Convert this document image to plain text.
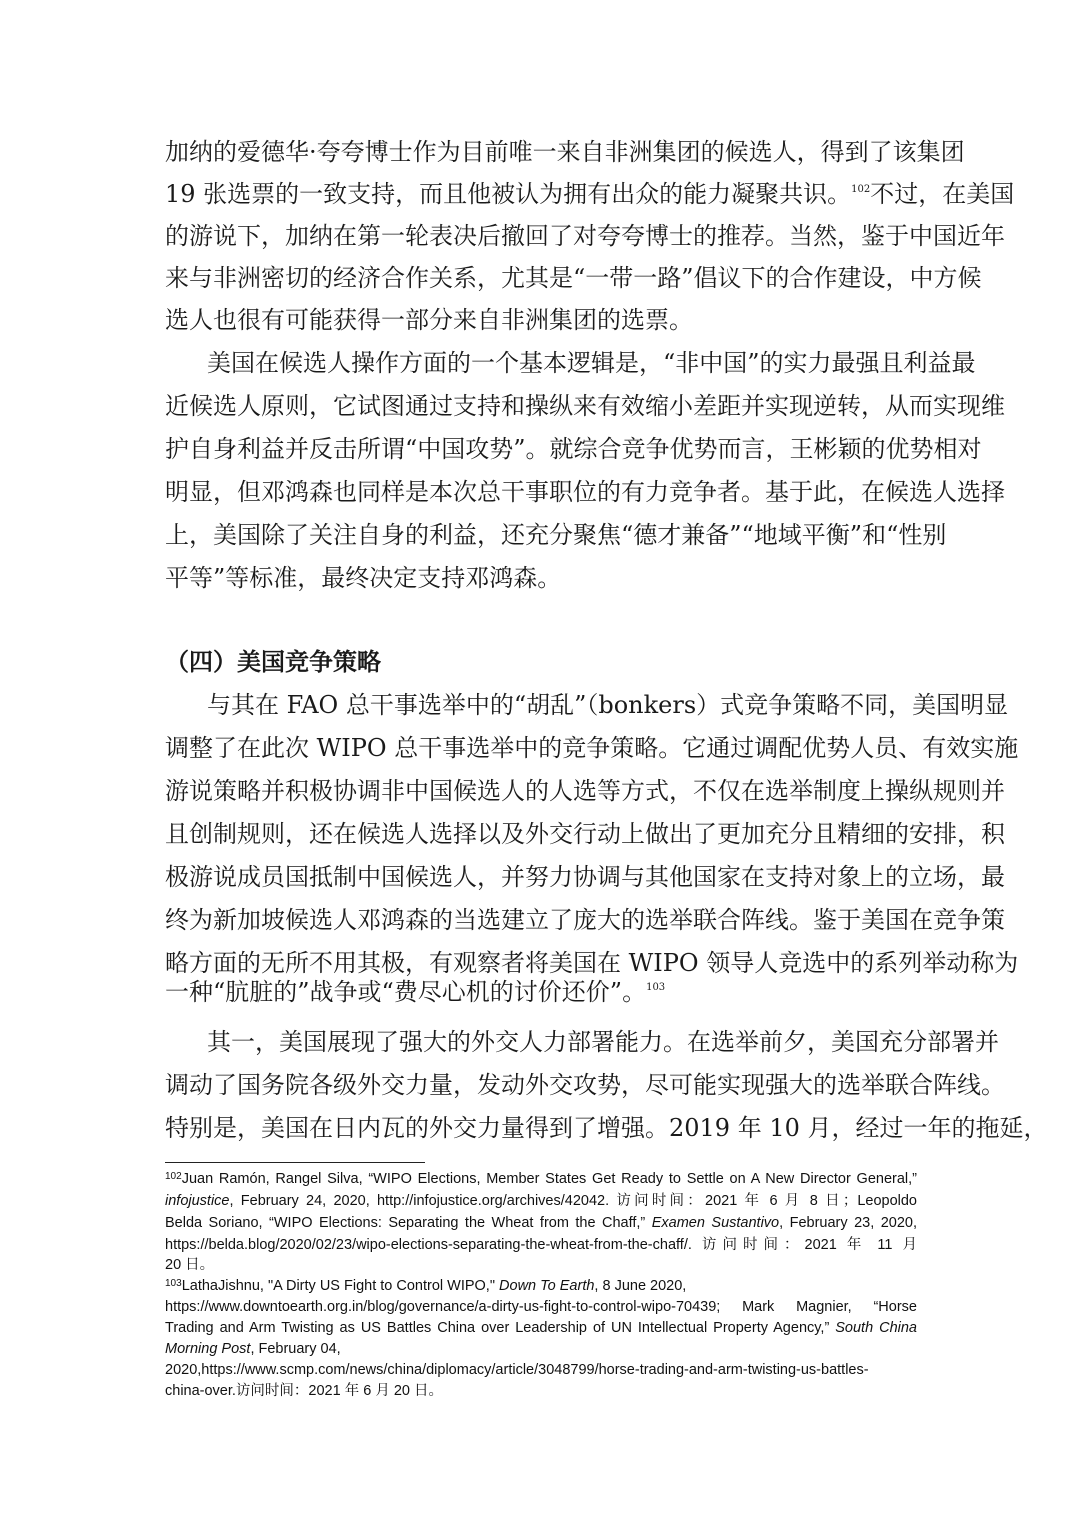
加纳的爱德华·夸夸博士作为目前唯一来自非洲集团的候选人，得到了该集团
19 张选票的一致支持，而且他被认为拥有出众的能力凝聚共识。$^{102}$不过，在美国
的游说下，加纳在第一轮表决后撤回了对夸夸博士的推荐。当然，鉴于中国近年
来与非洲密切的经济合作关系，尤其是“一带一路”倡议下的合作建设，中方候
选人也很有可能获得一部分来自非洲集团的选票。
美国在候选人操作方面的一个基本逻辑是，“非中国”的实力最强且利益最
近候选人原则，它试图通过支持和操纵来有效缩小差距并实现逆转，从而实现维
护自身利益并反击所谓“中国攻势”。就综合竞争优势而言，王彬颖的优势相对
明显，但邓鸿森也同样是本次总干事职位的有力竞争者。基于此，在候选人选择
上，美国除了关注自身的利益，还充分聚焦“德才兼备”“地域平衡”和“性别
平等”等标准，最终决定支持邓鸿森。
（四）美国竞争策略
与其在 FAO 总干事选举中的“胡乱”（bonkers）式竞争策略不同，美国明显
调整了在此次 WIPO 总干事选举中的竞争策略。它通过调配优势人员、有效实施
游说策略并积极协调非中国候选人的人选等方式，不仅在选举制度上操纵规则并
且创制规则，还在候选人选择以及外交行动上做出了更加充分且精细的安排，积
极游说成员国抵制中国候选人，并努力协调与其他国家在支持对象上的立场，最
终为新加坡候选人邓鸿森的当选建立了庞大的选举联合阵线。鉴于美国在竞争策
略方面的无所不用其极，有观察者将美国在 WIPO 领导人竞选中的系列举动称为
一种“肮脏的”战争或“费尽心机的讨价还价”。$^{103}$
其一，美国展现了强大的外交人力部署能力。在选举前夕，美国充分部署并
调动了国务院各级外交力量，发动外交攻势，尽可能实现强大的选举联合阵线。
特别是，美国在日内瓦的外交力量得到了增强。2019 年 10 月，经过一年的拖延，
$^{102}$Juan Ramón, Rangel Silva, “WIPO Elections, Member States Get Ready to Settle on A New Director General,”
infojustice, February 24, 2020, http://infojustice.org/archives/42042. 访问时间：2021 年 6 月 8 日；Leopoldo
Belda Soriano, “WIPO Elections: Separating the Wheat from the Chaff,” Examen Sustantivo, February 23, 2020,
https://belda.blog/2020/02/23/wipo-elections-separating-the-wheat-from-the-chaff/. 访问时间：2021 年 11 月
20 日。
$^{103}$LathaJishnu, "A Dirty US Fight to Control WIPO," Down To Earth, 8 June 2020,
https://www.downtoearth.org.in/blog/governance/a-dirty-us-fight-to-control-wipo-70439; Mark Magnier, “Horse
Trading and Arm Twisting as US Battles China over Leadership of UN Intellectual Property Agency,” South China
Morning Post, February 04,
2020,https://www.scmp.com/news/china/diplomacy/article/3048799/horse-trading-and-arm-twisting-us-battles-
china-over.访问时间：2021 年 6 月 20 日。
